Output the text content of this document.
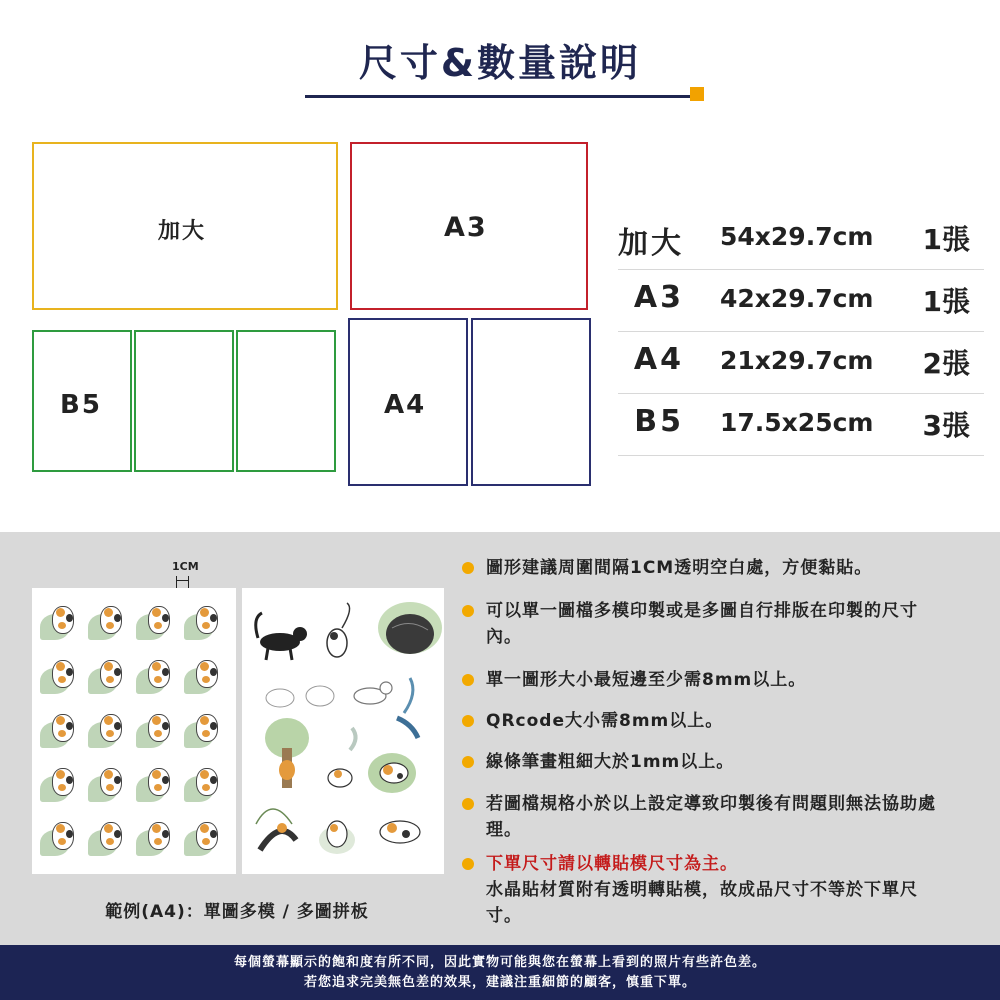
尺寸&數量說明
加大	A3
B5	A4
加大 54x29.7cm 1張
A3 42x29.7cm 1張
A4 21x29.7cm 2張
B5 17.5x25cm 3張
1CM
範例(A4)：單圖多模 / 多圖拼板
圖形建議周圍間隔1CM透明空白處，方便黏貼。
可以單一圖檔多模印製或是多圖自行排版在印製的尺寸內。
單一圖形大小最短邊至少需8mm以上。
QRcode大小需8mm以上。
線條筆畫粗細大於1mm以上。
若圖檔規格小於以上設定導致印製後有問題則無法協助處理。
下單尺寸請以轉貼模尺寸為主。
水晶貼材質附有透明轉貼模，故成品尺寸不等於下單尺寸。
每個螢幕顯示的飽和度有所不同，因此實物可能與您在螢幕上看到的照片有些許色差。
若您追求完美無色差的效果，建議注重細節的顧客，慎重下單。
